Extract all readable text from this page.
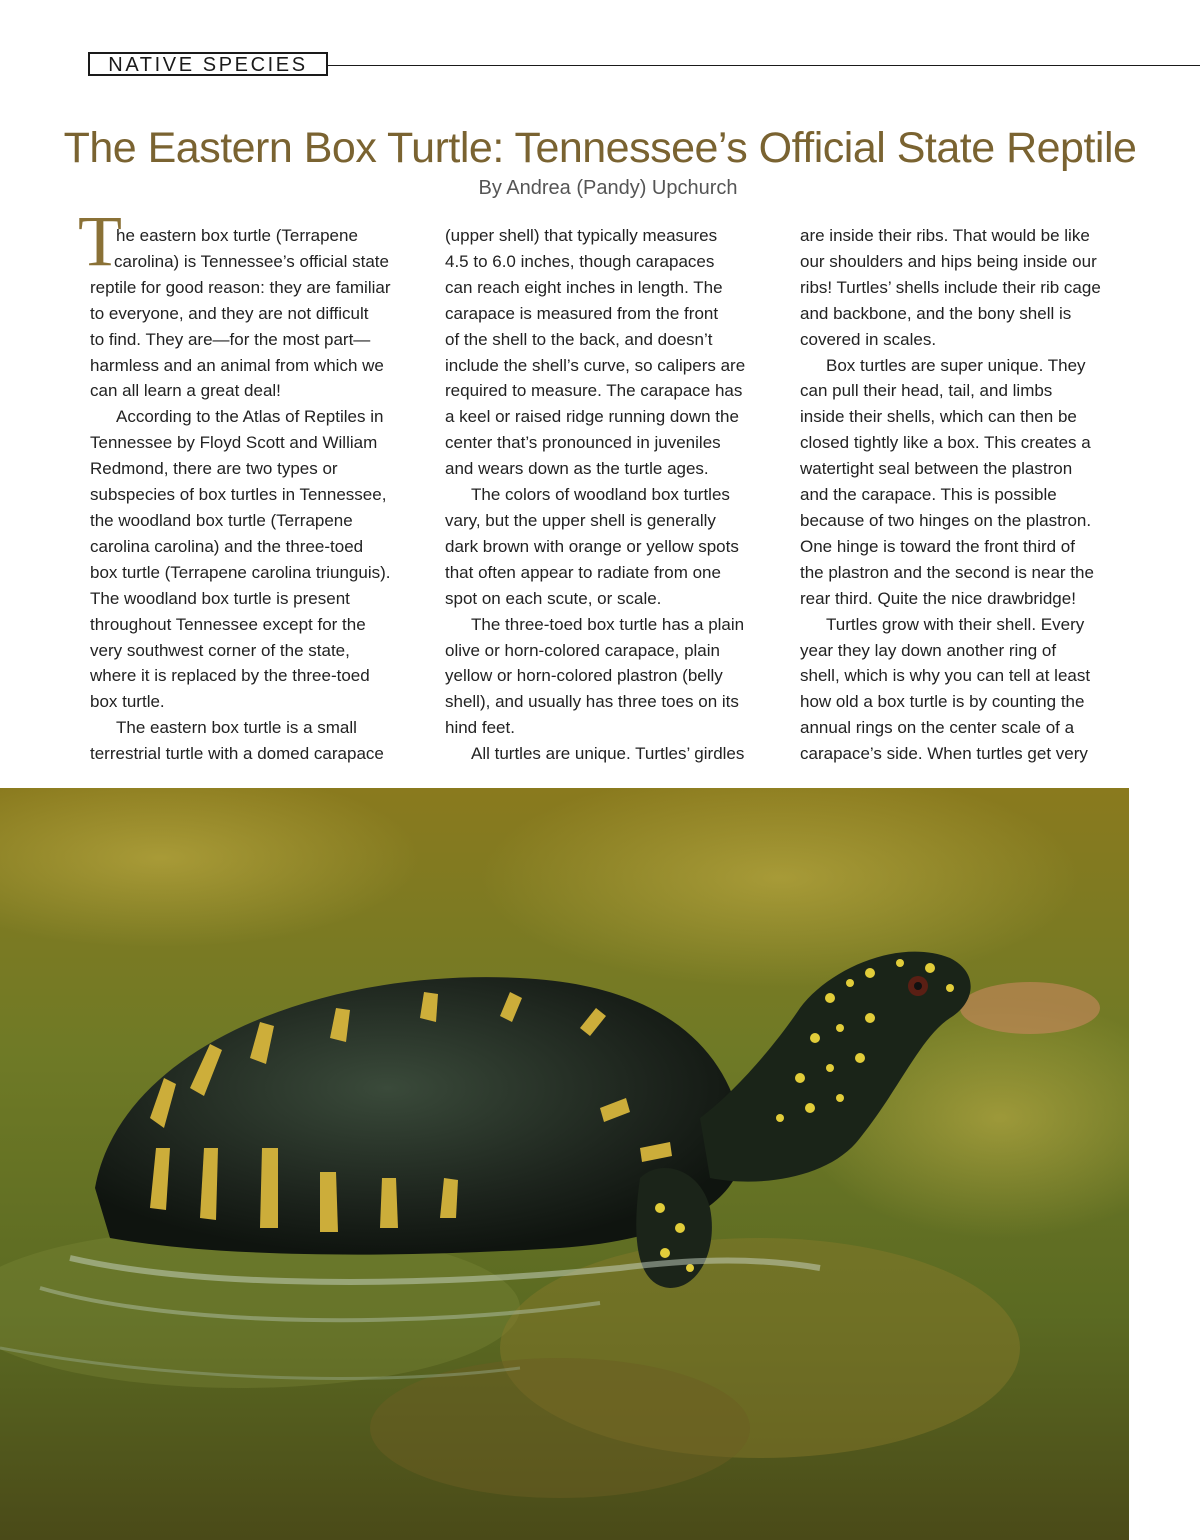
NATIVE SPECIES
The Eastern Box Turtle: Tennessee’s Official State Reptile
By Andrea (Pandy) Upchurch
T

he eastern box turtle (Terrapene

carolina) is Tennessee’s official state

reptile for good reason: they are familiar

to everyone, and they are not difficult

to find. They are—for the most part—

harmless and an animal from which we

can all learn a great deal!

According to the Atlas of Reptiles in

Tennessee by Floyd Scott and William

Redmond, there are two types or

subspecies of box turtles in Tennessee,

the woodland box turtle (Terrapene

carolina carolina) and the three-toed

box turtle (Terrapene carolina triunguis).

The woodland box turtle is present

throughout Tennessee except for the

very southwest corner of the state,

where it is replaced by the three-toed

box turtle.

The eastern box turtle is a small

terrestrial turtle with a domed carapace

(upper shell) that typically measures

4.5 to 6.0 inches, though carapaces

can reach eight inches in length. The

carapace is measured from the front

of the shell to the back, and doesn’t

include the shell’s curve, so calipers are

required to measure. The carapace has

a keel or raised ridge running down the

center that’s pronounced in juveniles

and wears down as the turtle ages.

The colors of woodland box turtles

vary, but the upper shell is generally

dark brown with orange or yellow spots

that often appear to radiate from one

spot on each scute, or scale.

The three-toed box turtle has a plain

olive or horn-colored carapace, plain

yellow or horn-colored plastron (belly

shell), and usually has three toes on its

hind feet.

All turtles are unique. Turtles’ girdles

are inside their ribs. That would be like

our shoulders and hips being inside our

ribs! Turtles’ shells include their rib cage

and backbone, and the bony shell is

covered in scales.

Box turtles are super unique. They

can pull their head, tail, and limbs

inside their shells, which can then be

closed tightly like a box. This creates a

watertight seal between the plastron

and the carapace. This is possible

because of two hinges on the plastron.

One hinge is toward the front third of

the plastron and the second is near the

rear third. Quite the nice drawbridge!

Turtles grow with their shell. Every

year they lay down another ring of

shell, which is why you can tell at least

how old a box turtle is by counting the

annual rings on the center scale of a

carapace’s side. When turtles get very
